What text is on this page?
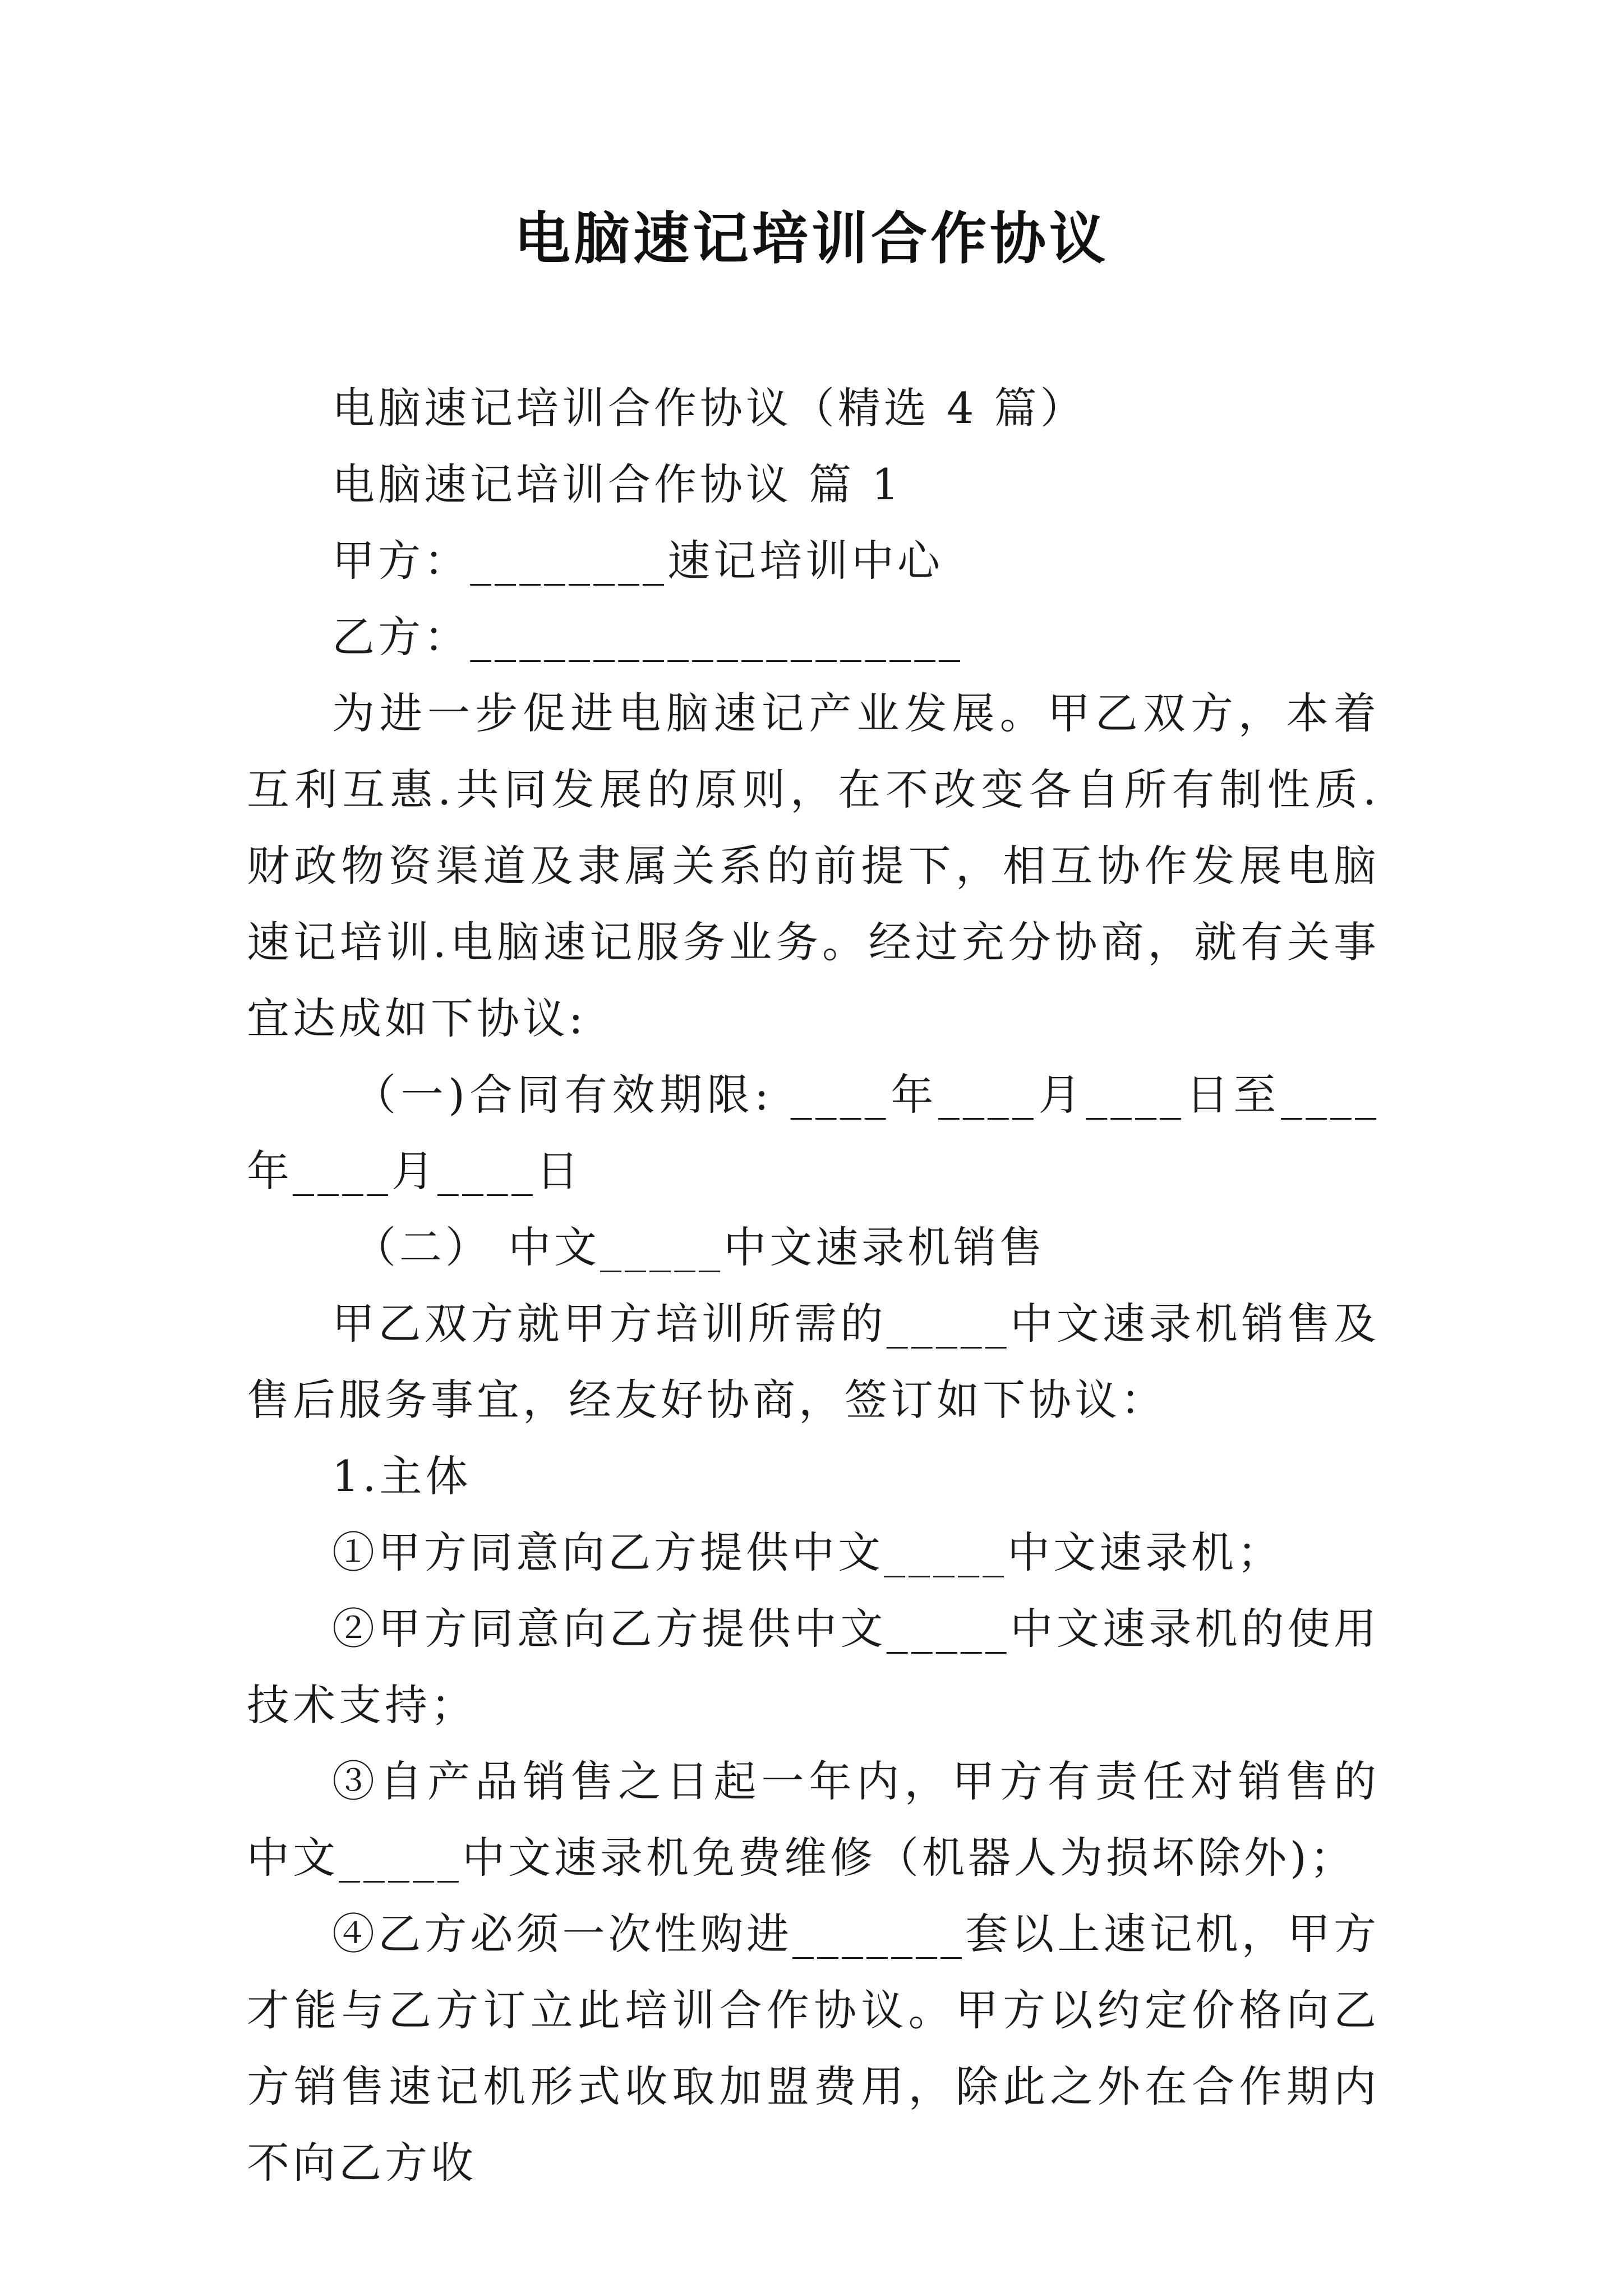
电脑速记培训合作协议

电脑速记培训合作协议（精选 4 篇）

电脑速记培训合作协议 篇 1

甲方：________速记培训中心

乙方：____________________

为进一步促进电脑速记产业发展。甲乙双方，本着互利互惠.共同发展的原则，在不改变各自所有制性质.财政物资渠道及隶属关系的前提下，相互协作发展电脑速记培训.电脑速记服务业务。经过充分协商，就有关事宜达成如下协议:

（一)合同有效期限: ____年____月____日至____年____月____日

（二） 中文_____中文速录机销售

甲乙双方就甲方培训所需的_____中文速录机销售及售后服务事宜，经友好协商，签订如下协议：

1.主体

①甲方同意向乙方提供中文_____中文速录机；

②甲方同意向乙方提供中文_____中文速录机的使用技术支持；

③自产品销售之日起一年内，甲方有责任对销售的中文_____中文速录机免费维修（机器人为损坏除外)；

④乙方必须一次性购进_______套以上速记机，甲方才能与乙方订立此培训合作协议。甲方以约定价格向乙方销售速记机形式收取加盟费用，除此之外在合作期内不向乙方收
